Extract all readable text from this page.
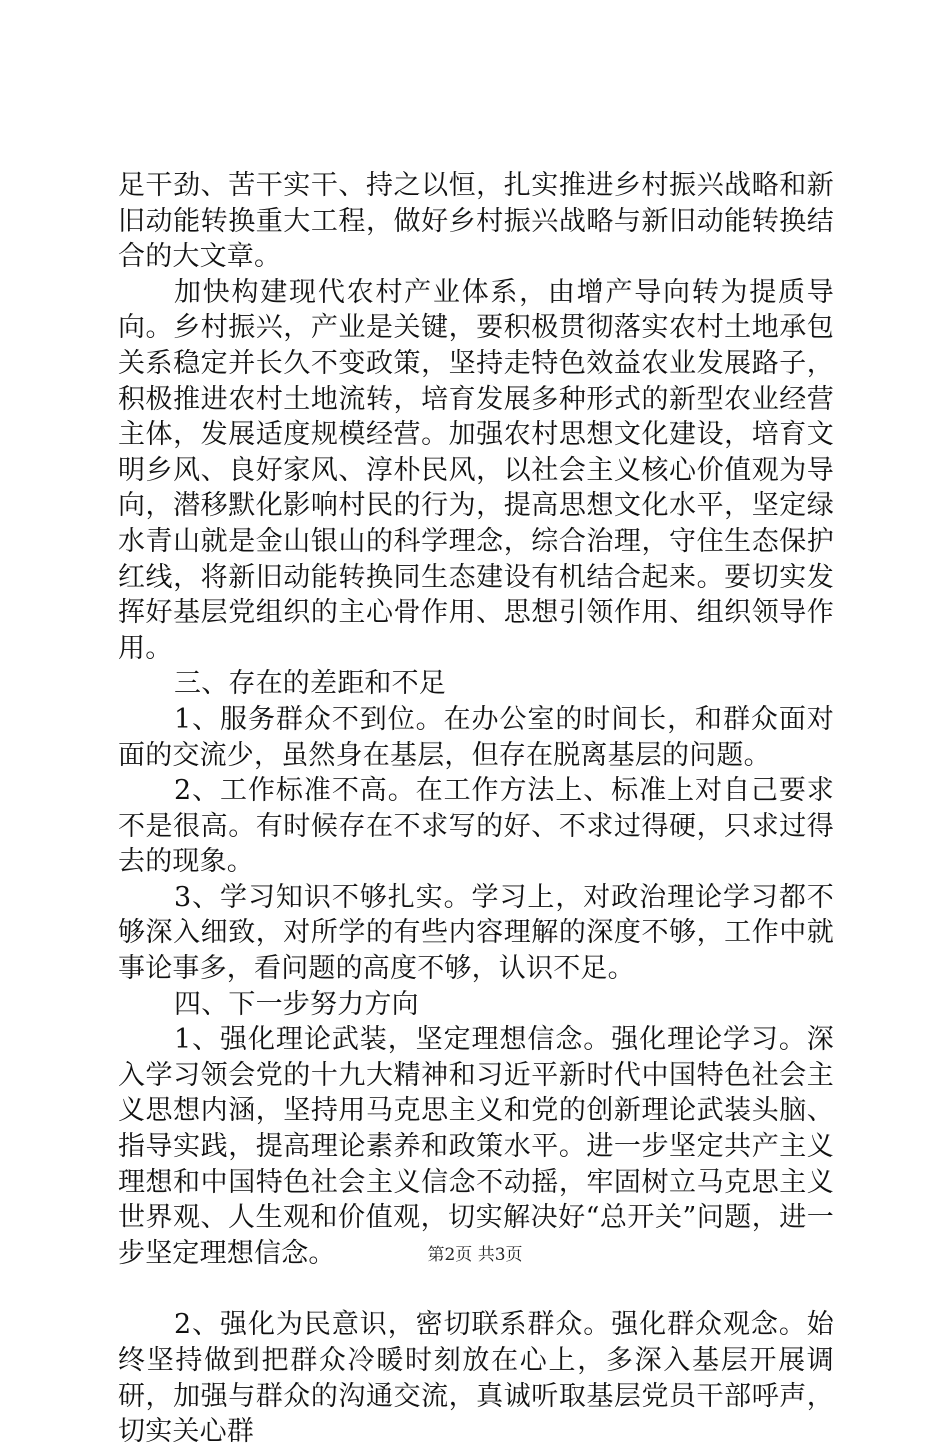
足干劲、苦干实干、持之以恒，扎实推进乡村振兴战略和新旧动能转换重大工程，做好乡村振兴战略与新旧动能转换结合的大文章。

加快构建现代农村产业体系，由增产导向转为提质导向。乡村振兴，产业是关键，要积极贯彻落实农村土地承包关系稳定并长久不变政策，坚持走特色效益农业发展路子，积极推进农村土地流转，培育发展多种形式的新型农业经营主体，发展适度规模经营。加强农村思想文化建设，培育文明乡风、良好家风、淳朴民风，以社会主义核心价值观为导向，潜移默化影响村民的行为，提高思想文化水平，坚定绿水青山就是金山银山的科学理念，综合治理，守住生态保护红线，将新旧动能转换同生态建设有机结合起来。要切实发挥好基层党组织的主心骨作用、思想引领作用、组织领导作用。

三、存在的差距和不足

1、服务群众不到位。在办公室的时间长，和群众面对面的交流少，虽然身在基层，但存在脱离基层的问题。

2、工作标准不高。在工作方法上、标准上对自己要求不是很高。有时候存在不求写的好、不求过得硬，只求过得去的现象。

3、学习知识不够扎实。学习上，对政治理论学习都不够深入细致，对所学的有些内容理解的深度不够，工作中就事论事多，看问题的高度不够，认识不足。

四、下一步努力方向

1、强化理论武装，坚定理想信念。强化理论学习。深入学习领会党的十九大精神和习近平新时代中国特色社会主义思想内涵，坚持用马克思主义和党的创新理论武装头脑、指导实践，提高理论素养和政策水平。进一步坚定共产主义理想和中国特色社会主义信念不动摇，牢固树立马克思主义世界观、人生观和价值观，切实解决好“总开关”问题，进一步坚定理想信念。

2、强化为民意识，密切联系群众。强化群众观念。始终坚持做到把群众冷暖时刻放在心上，多深入基层开展调研，加强与群众的沟通交流，真诚听取基层党员干部呼声，切实关心群

第2页 共3页
